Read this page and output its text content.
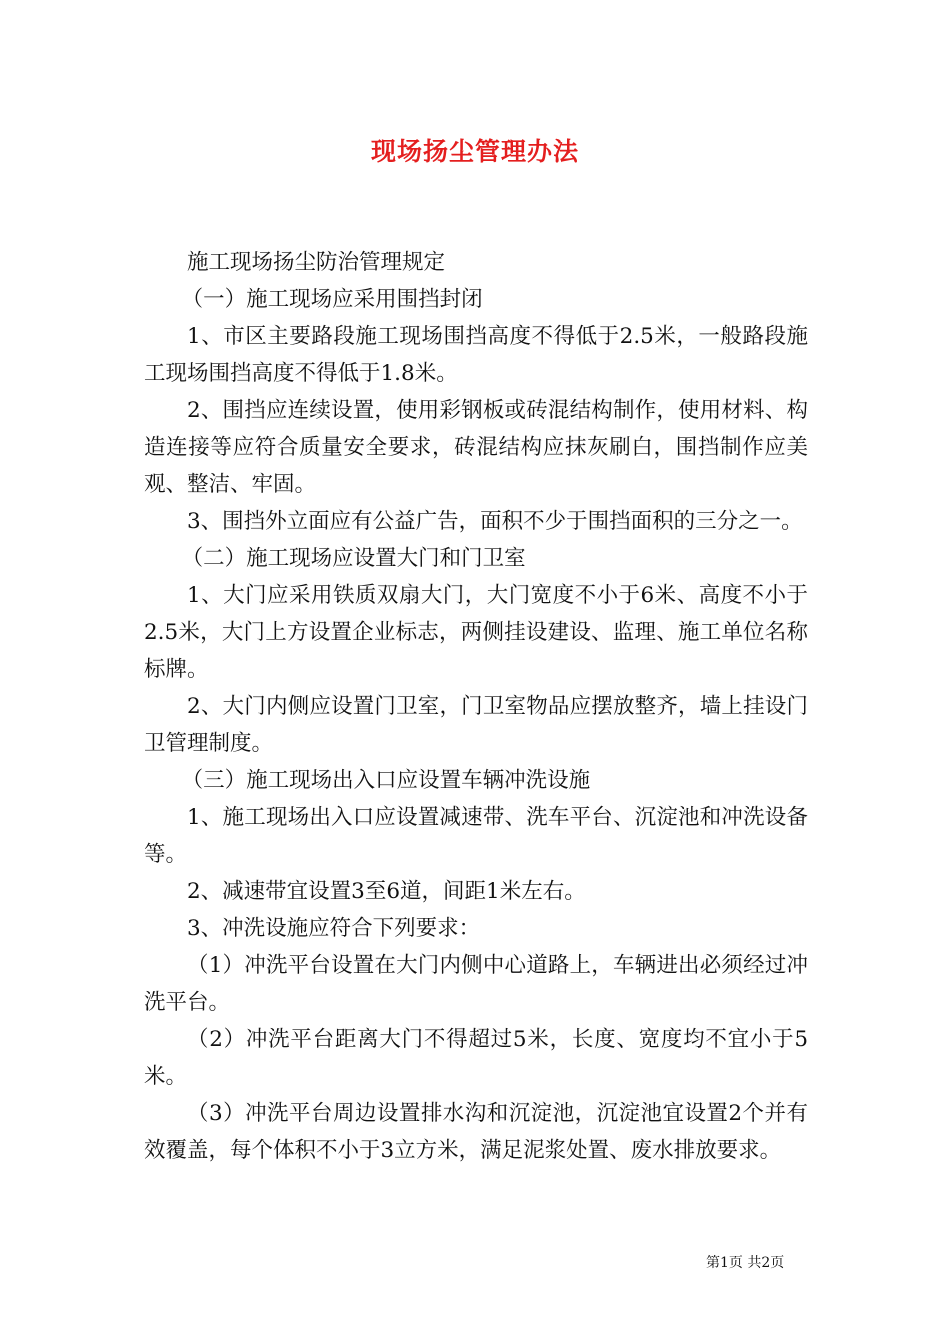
现场扬尘管理办法

施工现场扬尘防治管理规定

（一）施工现场应采用围挡封闭

1、市区主要路段施工现场围挡高度不得低于2.5米，一般路段施工现场围挡高度不得低于1.8米。

2、围挡应连续设置，使用彩钢板或砖混结构制作，使用材料、构造连接等应符合质量安全要求，砖混结构应抹灰刷白，围挡制作应美观、整洁、牢固。

3、围挡外立面应有公益广告，面积不少于围挡面积的三分之一。

（二）施工现场应设置大门和门卫室

1、大门应采用铁质双扇大门，大门宽度不小于6米、高度不小于2.5米，大门上方设置企业标志，两侧挂设建设、监理、施工单位名称标牌。

2、大门内侧应设置门卫室，门卫室物品应摆放整齐，墙上挂设门卫管理制度。

（三）施工现场出入口应设置车辆冲洗设施

1、施工现场出入口应设置减速带、洗车平台、沉淀池和冲洗设备等。

2、减速带宜设置3至6道，间距1米左右。

3、冲洗设施应符合下列要求：

（1）冲洗平台设置在大门内侧中心道路上，车辆进出必须经过冲洗平台。

（2）冲洗平台距离大门不得超过5米，长度、宽度均不宜小于5米。

（3）冲洗平台周边设置排水沟和沉淀池，沉淀池宜设置2个并有效覆盖，每个体积不小于3立方米，满足泥浆处置、废水排放要求。

第1页 共2页
